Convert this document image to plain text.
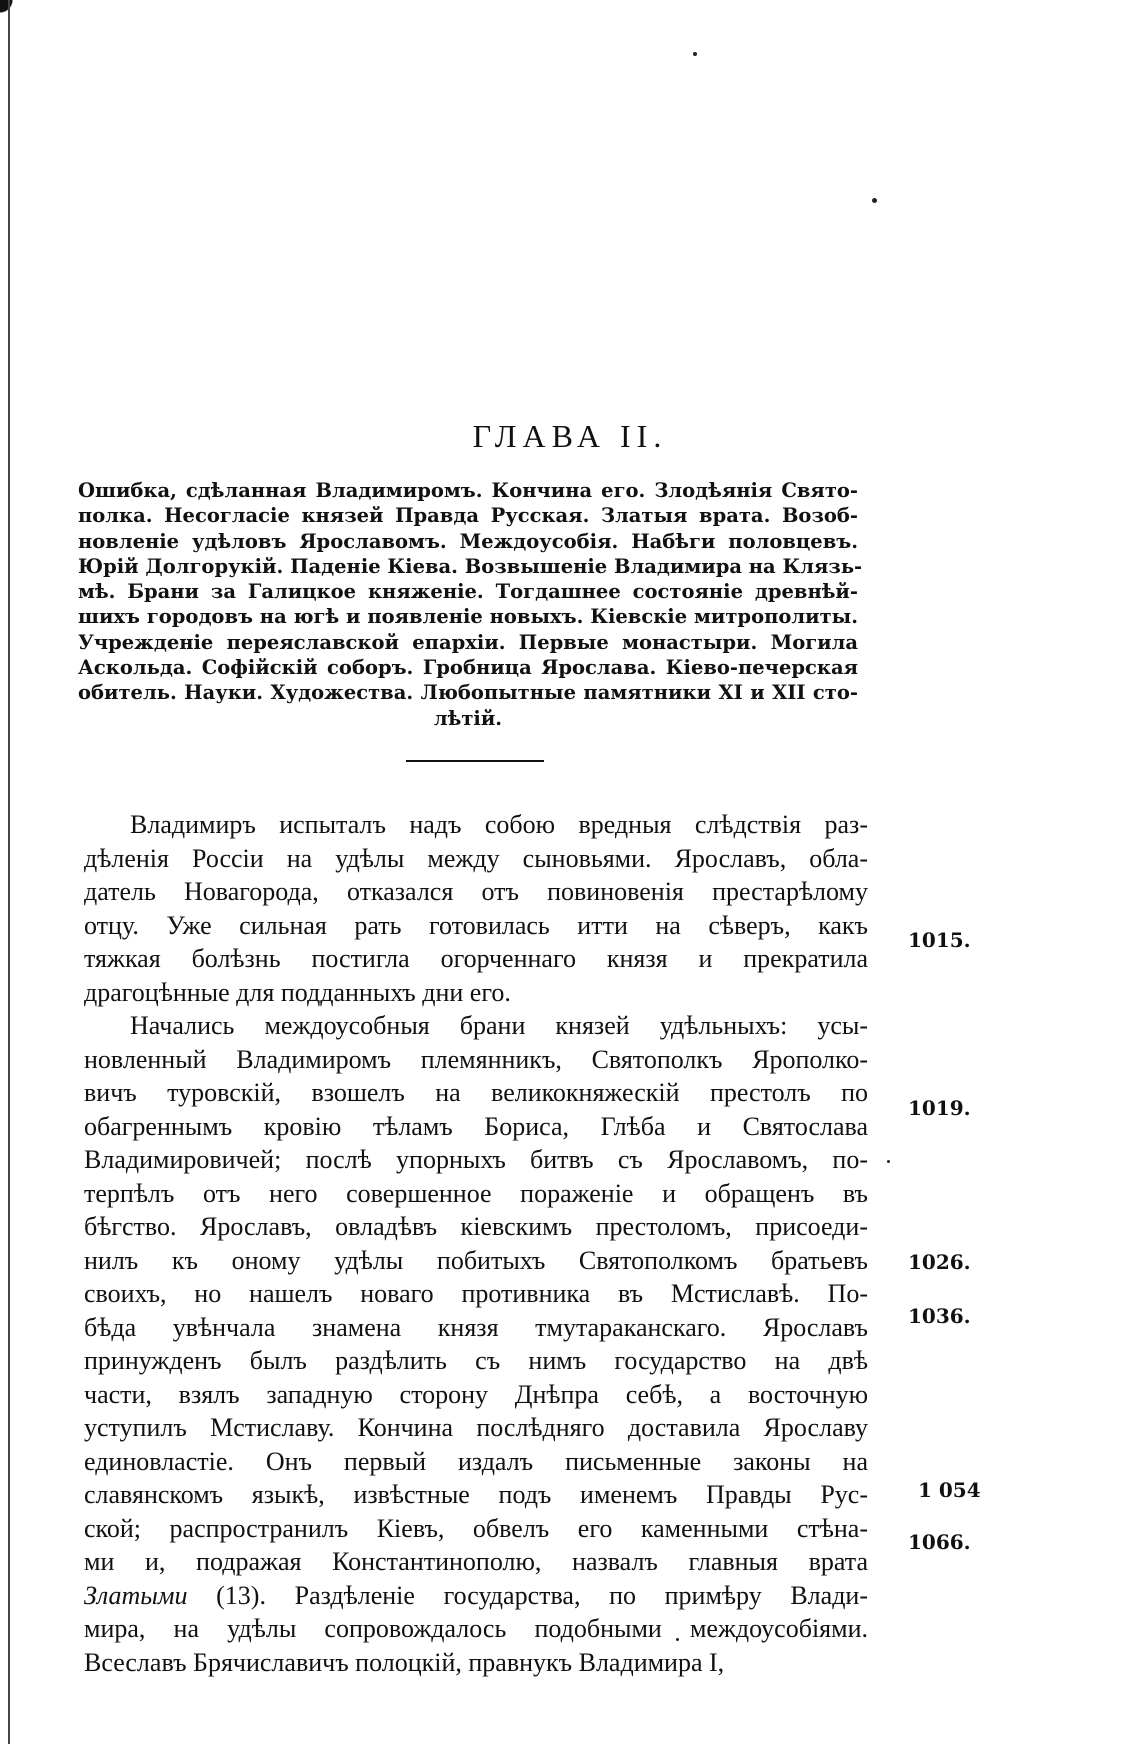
ГЛАВА II.
Ошибка, сдѣланная Владимиромъ. Кончина его. Злодѣянія Свято-
полка. Несогласіе князей Правда Русская. Златыя врата. Возоб-
новленіе удѣловъ Ярославомъ. Междоусобія. Набѣги половцевъ.
Юрій Долгорукій. Паденіе Кіева. Возвышеніе Владимира на Клязь-
мѣ. Брани за Галицкое княженіе. Тогдашнее состояніе древнѣй-
шихъ городовъ на югѣ и появленіе новыхъ. Кіевскіе митрополиты.
Учрежденіе переяславской епархіи. Первые монастыри. Могила
Аскольда. Софійскій соборъ. Гробница Ярослава. Кіево-печерская
обитель. Науки. Художества. Любопытные памятники XI и XII сто-
лѣтій.
Владимиръ испыталъ надъ собою вредныя слѣдствія раз-
дѣленія Россіи на удѣлы между сыновьями. Ярославъ, обла-
датель Новагорода, отказался отъ повиновенія престарѣлому
отцу. Уже сильная рать готовилась итти на сѣверъ, какъ
тяжкая болѣзнь постигла огорченнаго князя и прекратила
драгоцѣнные для подданныхъ дни его.
Начались междоусобныя брани князей удѣльныхъ: усы-
новленный Владимиромъ племянникъ, Святополкъ Ярополко-
вичъ туровскій, взошелъ на великокняжескій престолъ по
обагреннымъ кровію тѣламъ Бориса, Глѣба и Святослава
Владимировичей; послѣ упорныхъ битвъ съ Ярославомъ, по-
терпѣлъ отъ него совершенное пораженіе и обращенъ въ
бѣгство. Ярославъ, овладѣвъ кіевскимъ престоломъ, присоеди-
нилъ къ оному удѣлы побитыхъ Святополкомъ братьевъ
своихъ, но нашелъ новаго противника въ Мстиславѣ. По-
бѣда увѣнчала знамена князя тмутараканскаго. Ярославъ
принужденъ былъ раздѣлить съ нимъ государство на двѣ
части, взялъ западную сторону Днѣпра себѣ, а восточную
уступилъ Мстиславу. Кончина послѣдняго доставила Ярославу
единовластіе. Онъ первый издалъ письменные законы на
славянскомъ языкѣ, извѣстные подъ именемъ Правды Рус-
ской; распространилъ Кіевъ, обвелъ его каменными стѣна-
ми и, подражая Константинополю, назвалъ главныя врата
Златыми (13). Раздѣленіе государства, по примѣру Влади-
мира, на удѣлы сопровождалось подобными междоусобіями.
Всеславъ Брячиславичъ полоцкій, правнукъ Владимира I,
1015.
1019.
1026.
1036.
1 054
1066.
